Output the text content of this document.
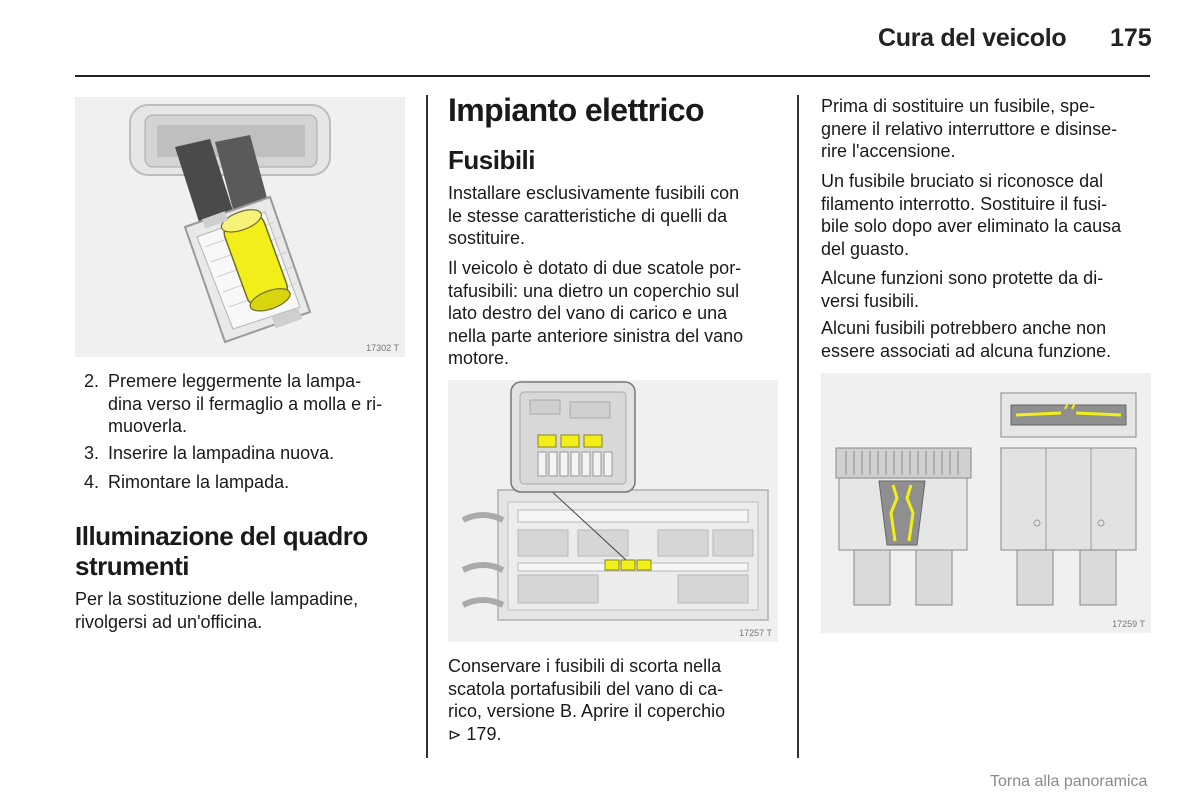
Cura del veicolo 175
17302 T
2. Premere leggermente la lampa-
dina verso il fermaglio a molla e ri-
muoverla.
3. Inserire la lampadina nuova.
4. Rimontare la lampada.
Illuminazione del quadro
strumenti
Per la sostituzione delle lampadine,
rivolgersi ad un'officina.
Impianto elettrico
Fusibili
Installare esclusivamente fusibili con
le stesse caratteristiche di quelli da
sostituire.
Il veicolo è dotato di due scatole por-
tafusibili: una dietro un coperchio sul
lato destro del vano di carico e una
nella parte anteriore sinistra del vano
motore.
17257 T
Conservare i fusibili di scorta nella
scatola portafusibili del vano di ca-
rico, versione B. Aprire il coperchio
⊳ 179.
Prima di sostituire un fusibile, spe-
gnere il relativo interruttore e disinse-
rire l'accensione.
Un fusibile bruciato si riconosce dal
filamento interrotto. Sostituire il fusi-
bile solo dopo aver eliminato la causa
del guasto.
Alcune funzioni sono protette da di-
versi fusibili.
Alcuni fusibili potrebbero anche non
essere associati ad alcuna funzione.
17259 T
Torna alla panoramica
